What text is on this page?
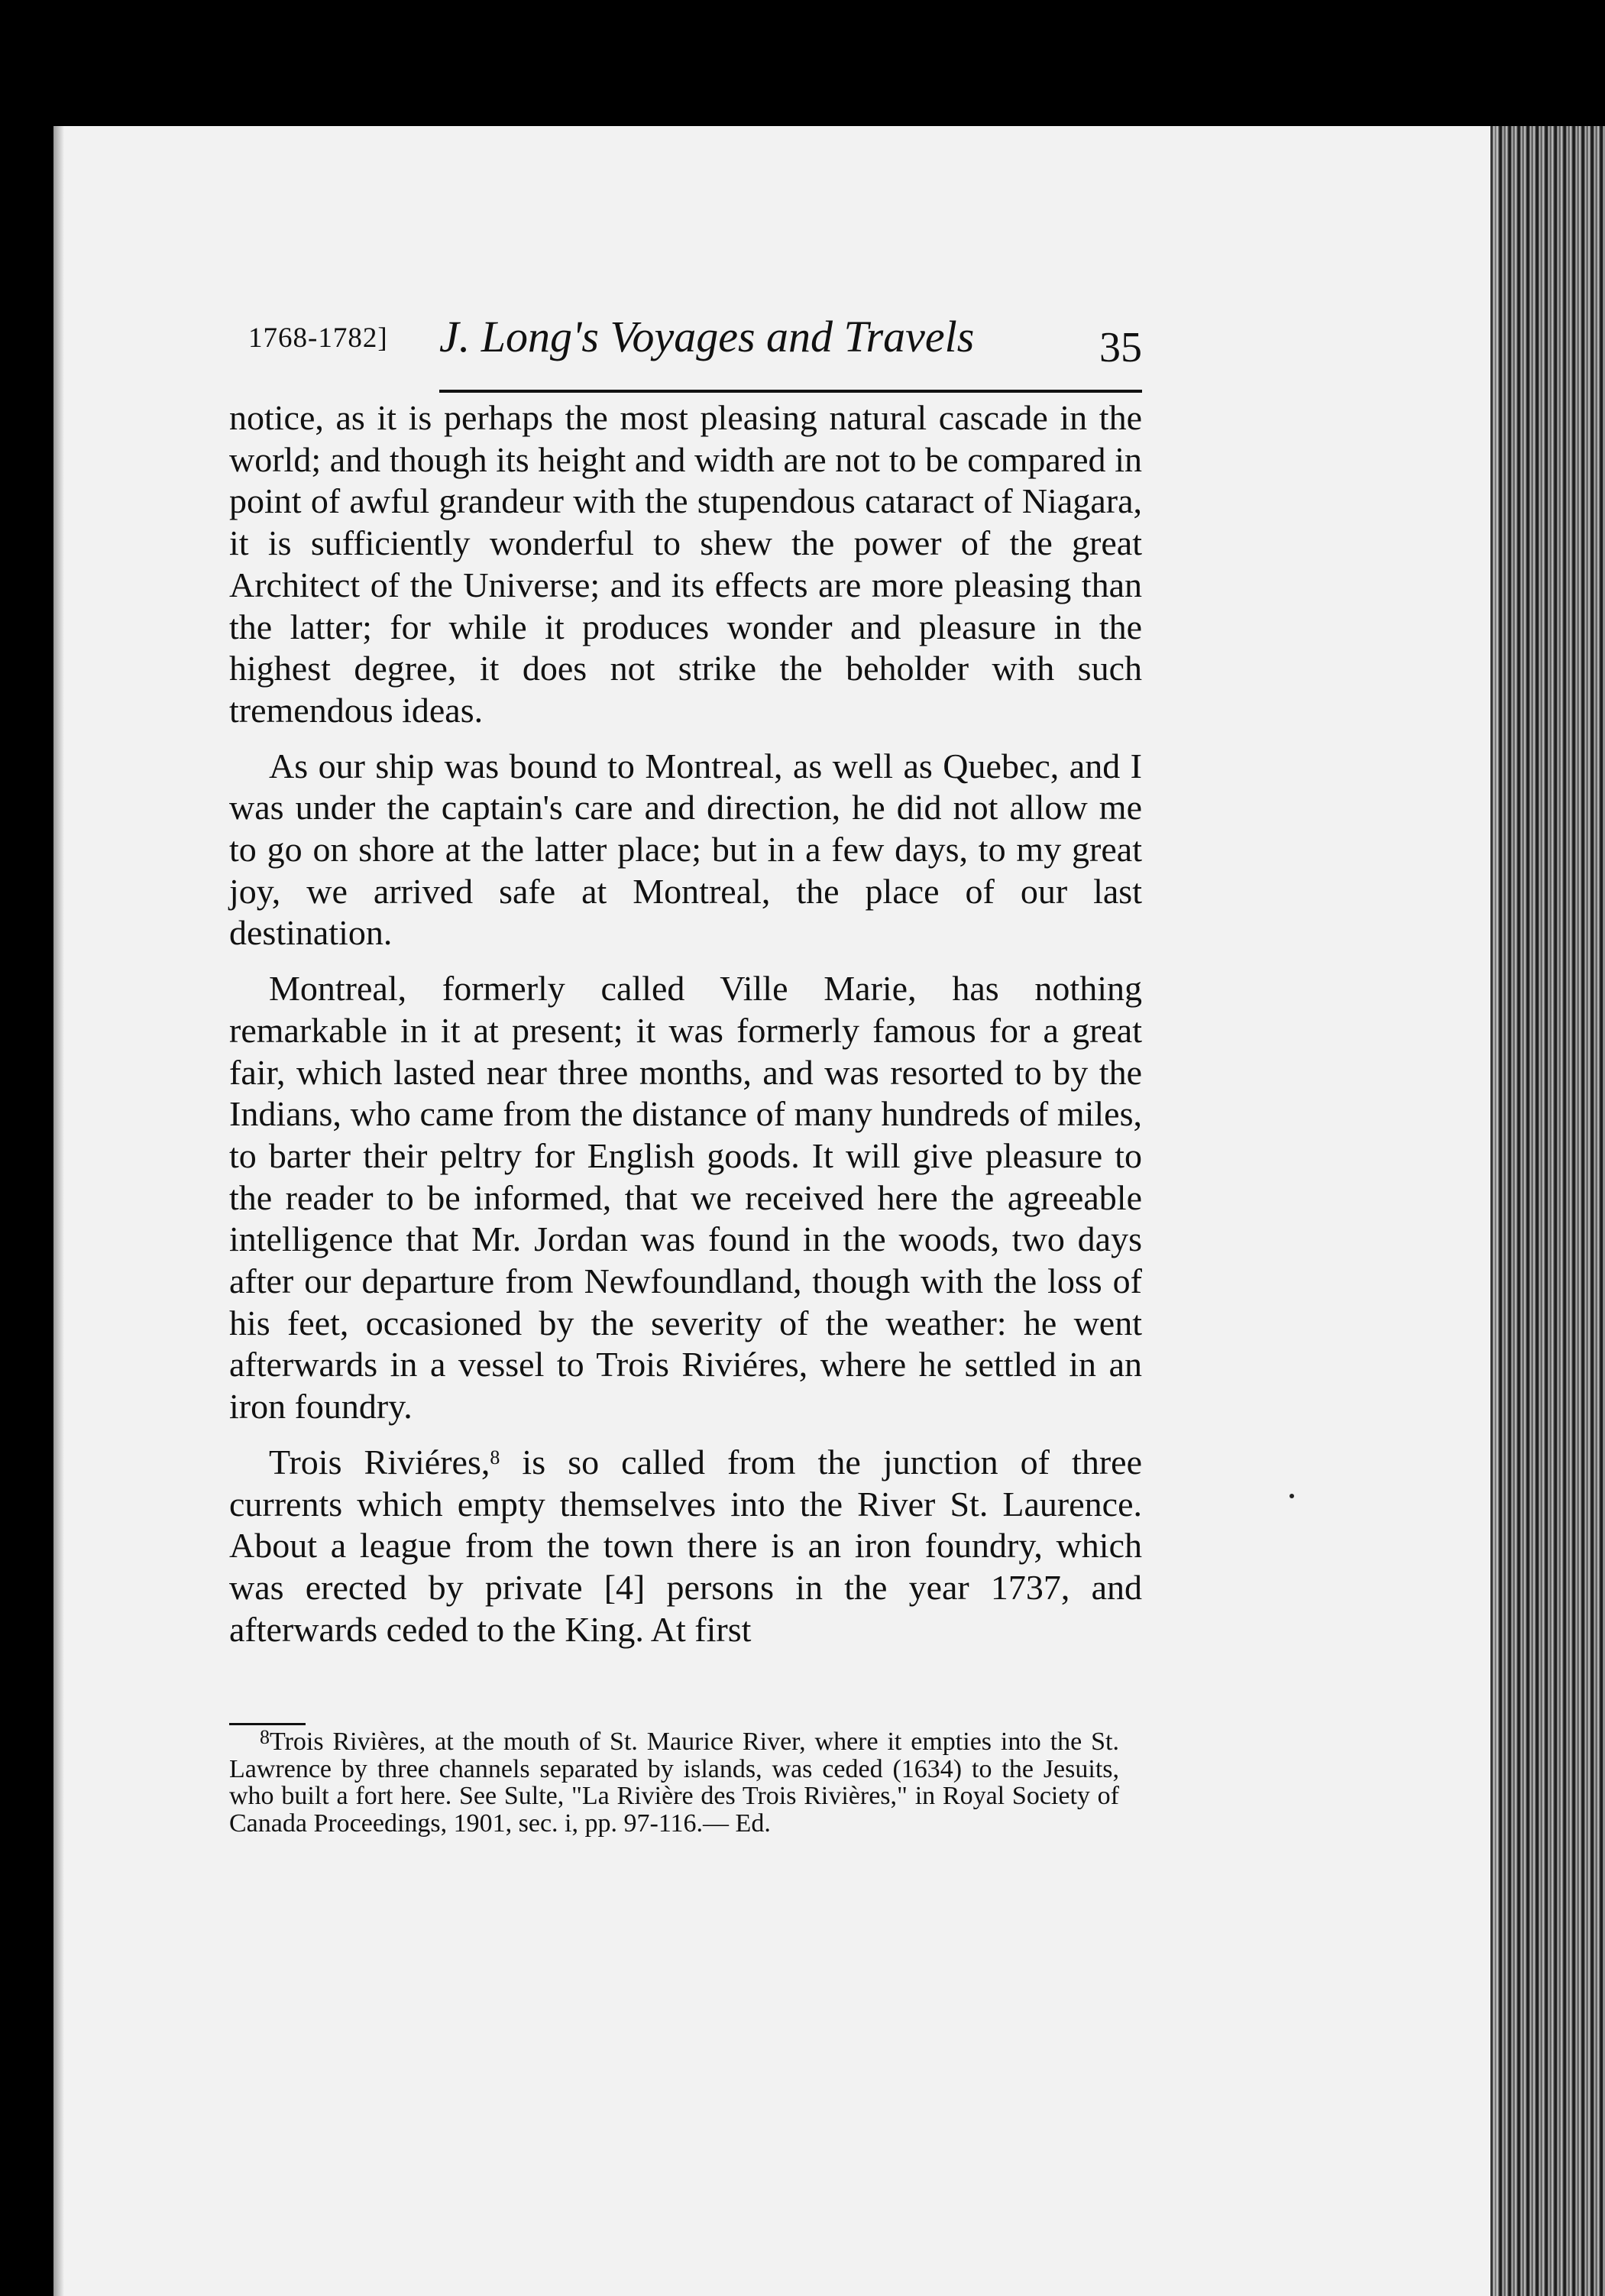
1768-1782] J. Long's Voyages and Travels	35

notice, as it is perhaps the most pleasing natural cascade in the world; and though its height and width are not to be compared in point of awful grandeur with the stupendous cataract of Niagara, it is sufficiently wonderful to shew the power of the great Architect of the Universe; and its effects are more pleasing than the latter; for while it produces wonder and pleasure in the highest degree, it does not strike the beholder with such tremendous ideas.

As our ship was bound to Montreal, as well as Quebec, and I was under the captain's care and direction, he did not allow me to go on shore at the latter place; but in a few days, to my great joy, we arrived safe at Montreal, the place of our last destination.

Montreal, formerly called Ville Marie, has nothing remarkable in it at present; it was formerly famous for a great fair, which lasted near three months, and was resorted to by the Indians, who came from the distance of many hundreds of miles, to barter their peltry for English goods. It will give pleasure to the reader to be informed, that we received here the agreeable intelligence that Mr. Jordan was found in the woods, two days after our departure from Newfoundland, though with the loss of his feet, occasioned by the severity of the weather: he went afterwards in a vessel to Trois Riviéres, where he settled in an iron foundry.

Trois Riviéres,$^8$ is so called from the junction of three currents which empty themselves into the River St. Laurence. About a league from the town there is an iron foundry, which was erected by private [4] persons in the year 1737, and afterwards ceded to the King. At first

$^8$Trois Rivières, at the mouth of St. Maurice River, where it empties into the St. Lawrence by three channels separated by islands, was ceded (1634) to the Jesuits, who built a fort here. See Sulte, "La Rivière des Trois Rivières," in Royal Society of Canada Proceedings, 1901, sec. i, pp. 97-116.— Ed.
